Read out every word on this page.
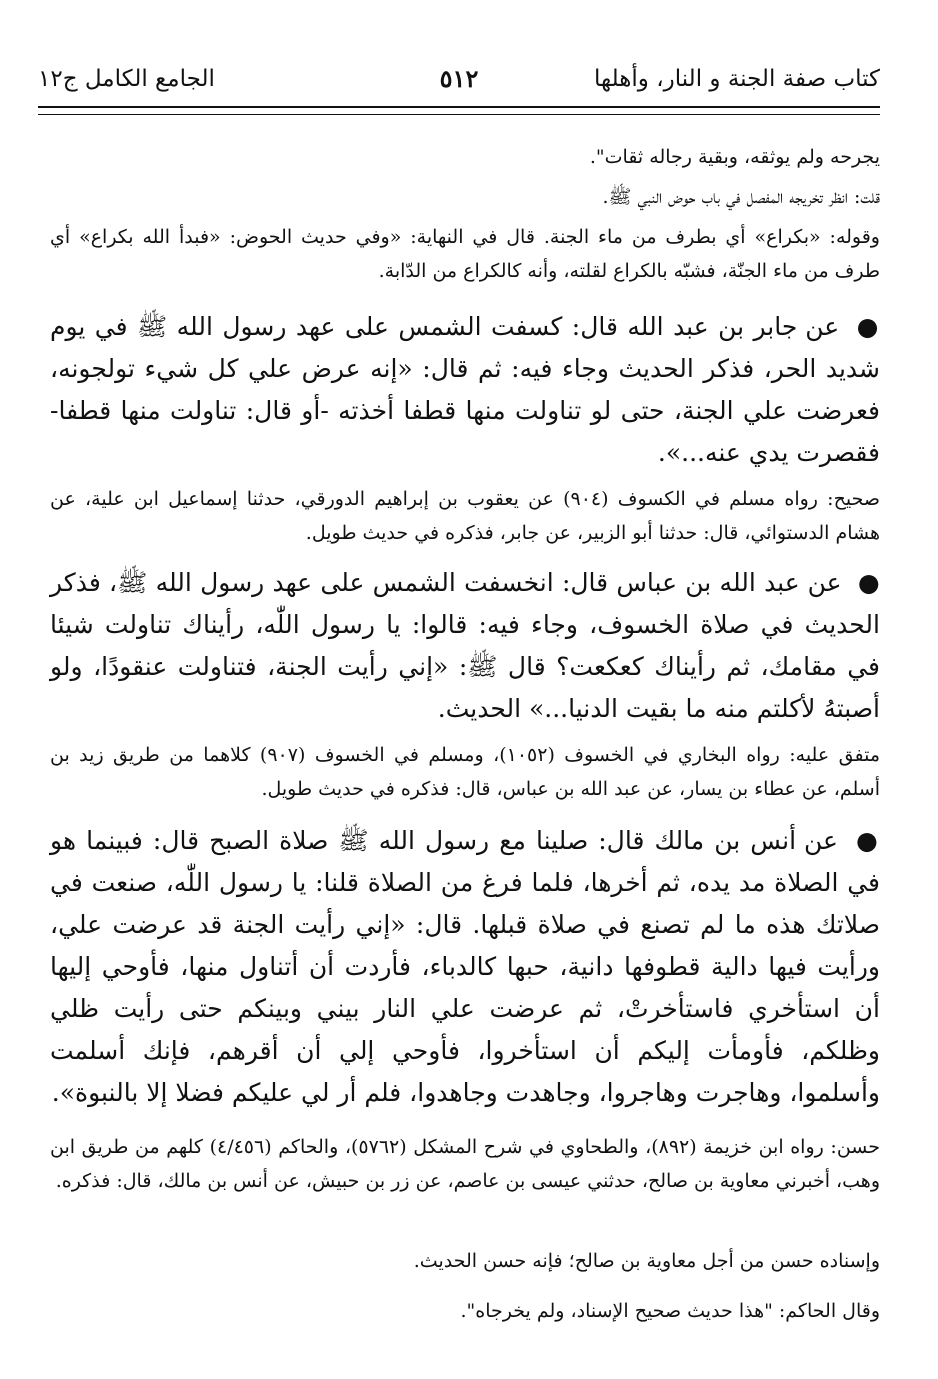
كتاب صفة الجنة و النار، وأهلها
٥١٢
الجامع الكامل ج١٢
يجرحه ولم يوثقه، وبقية رجاله ثقات".
قلت: انظر تخريجه المفصل في باب حوض النبي ﷺ.
وقوله: «بكراع» أي بطرف من ماء الجنة. قال في النهاية: «وفي حديث الحوض: «فبدأ الله بكراع» أي طرف من ماء الجنّة، فشبّه بالكراع لقلته، وأنه كالكراع من الدّابة.
● عن جابر بن عبد الله قال: كسفت الشمس على عهد رسول الله ﷺ في يوم شديد الحر، فذكر الحديث وجاء فيه: ثم قال: «إنه عرض علي كل شيء تولجونه، فعرضت علي الجنة، حتى لو تناولت منها قطفا أخذته -أو قال: تناولت منها قطفا- فقصرت يدي عنه...».
صحيح: رواه مسلم في الكسوف (٩٠٤) عن يعقوب بن إبراهيم الدورقي، حدثنا إسماعيل ابن علية، عن هشام الدستوائي، قال: حدثنا أبو الزبير، عن جابر، فذكره في حديث طويل.
● عن عبد الله بن عباس قال: انخسفت الشمس على عهد رسول الله ﷺ، فذكر الحديث في صلاة الخسوف، وجاء فيه: قالوا: يا رسول اللّٰه، رأيناك تناولت شيئا في مقامك، ثم رأيناك كعكعت؟ قال ﷺ: «إني رأيت الجنة، فتناولت عنقودًا، ولو أصبتهُ لأكلتم منه ما بقيت الدنيا...» الحديث.
متفق عليه: رواه البخاري في الخسوف (١٠٥٢)، ومسلم في الخسوف (٩٠٧) كلاهما من طريق زيد بن أسلم، عن عطاء بن يسار، عن عبد الله بن عباس، قال: فذكره في حديث طويل.
● عن أنس بن مالك قال: صلينا مع رسول الله ﷺ صلاة الصبح قال: فبينما هو في الصلاة مد يده، ثم أخرها، فلما فرغ من الصلاة قلنا: يا رسول اللّٰه، صنعت في صلاتك هذه ما لم تصنع في صلاة قبلها. قال: «إني رأيت الجنة قد عرضت علي، ورأيت فيها دالية قطوفها دانية، حبها كالدباء، فأردت أن أتناول منها، فأوحي إليها أن استأخري فاستأخرتْ، ثم عرضت علي النار بيني وبينكم حتى رأيت ظلي وظلكم، فأومأت إليكم أن استأخروا، فأوحي إلي أن أقرهم، فإنك أسلمت وأسلموا، وهاجرت وهاجروا، وجاهدت وجاهدوا، فلم أر لي عليكم فضلا إلا بالنبوة».
حسن: رواه ابن خزيمة (٨٩٢)، والطحاوي في شرح المشكل (٥٧٦٢)، والحاكم (٤/٤٥٦) كلهم من طريق ابن وهب، أخبرني معاوية بن صالح، حدثني عيسى بن عاصم، عن زر بن حبيش، عن أنس بن مالك، قال: فذكره.
وإسناده حسن من أجل معاوية بن صالح؛ فإنه حسن الحديث.
وقال الحاكم: "هذا حديث صحيح الإسناد، ولم يخرجاه".
